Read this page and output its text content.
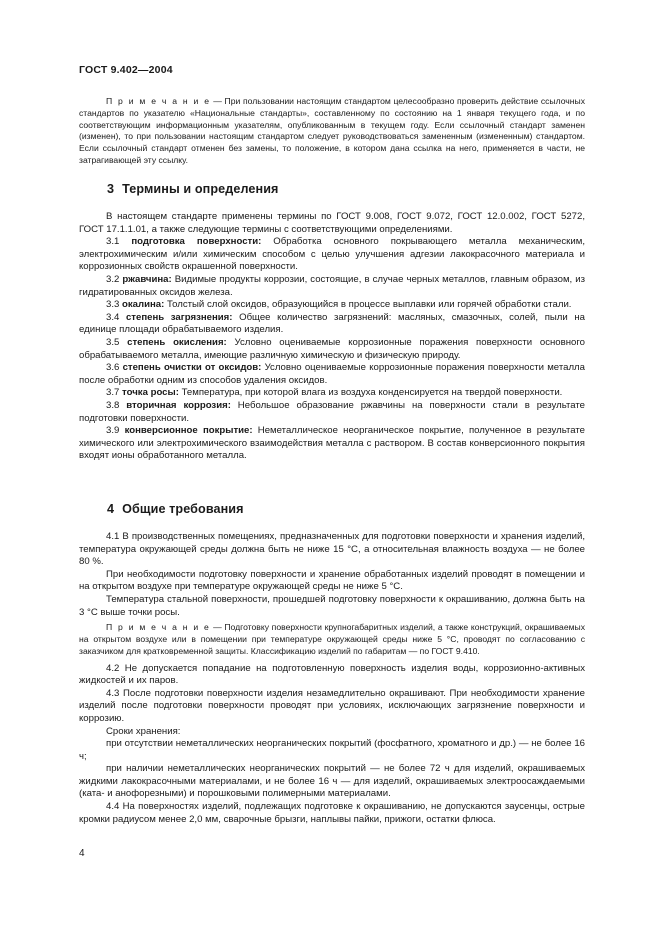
ГОСТ 9.402—2004

П р и м е ч а н и е — При пользовании настоящим стандартом целесообразно проверить действие ссылочных стандартов по указателю «Национальные стандарты», составленному по состоянию на 1 января текущего года, и по соответствующим информационным указателям, опубликованным в текущем году. Если ссылочный стандарт заменен (изменен), то при пользовании настоящим стандартом следует руководствоваться замененным (измененным) стандартом. Если ссылочный стандарт отменен без замены, то положение, в котором дана ссылка на него, применяется в части, не затрагивающей эту ссылку.

3 Термины и определения

В настоящем стандарте применены термины по ГОСТ 9.008, ГОСТ 9.072, ГОСТ 12.0.002, ГОСТ 5272, ГОСТ 17.1.1.01, а также следующие термины с соответствующими определениями.

3.1 подготовка поверхности: Обработка основного покрывающего металла механическим, электрохимическим и/или химическим способом с целью улучшения адгезии лакокрасочного материала и коррозионных свойств окрашенной поверхности.

3.2 ржавчина: Видимые продукты коррозии, состоящие, в случае черных металлов, главным образом, из гидратированных оксидов железа.

3.3 окалина: Толстый слой оксидов, образующийся в процессе выплавки или горячей обработки стали.

3.4 степень загрязнения: Общее количество загрязнений: масляных, смазочных, солей, пыли на единице площади обрабатываемого изделия.

3.5 степень окисления: Условно оцениваемые коррозионные поражения поверхности основного обрабатываемого металла, имеющие различную химическую и физическую природу.

3.6 степень очистки от оксидов: Условно оцениваемые коррозионные поражения поверхности металла после обработки одним из способов удаления оксидов.

3.7 точка росы: Температура, при которой влага из воздуха конденсируется на твердой поверхности.

3.8 вторичная коррозия: Небольшое образование ржавчины на поверхности стали в результате подготовки поверхности.

3.9 конверсионное покрытие: Неметаллическое неорганическое покрытие, полученное в результате химического или электрохимического взаимодействия металла с раствором. В состав конверсионного покрытия входят ионы обработанного металла.

4 Общие требования

4.1 В производственных помещениях, предназначенных для подготовки поверхности и хранения изделий, температура окружающей среды должна быть не ниже 15 °С, а относительная влажность воздуха — не более 80 %.

При необходимости подготовку поверхности и хранение обработанных изделий проводят в помещении и на открытом воздухе при температуре окружающей среды не ниже 5 °С.

Температура стальной поверхности, прошедшей подготовку поверхности к окрашиванию, должна быть на 3 °С выше точки росы.

П р и м е ч а н и е — Подготовку поверхности крупногабаритных изделий, а также конструкций, окрашиваемых на открытом воздухе или в помещении при температуре окружающей среды ниже 5 °С, проводят по согласованию с заказчиком для кратковременной защиты. Классификацию изделий по габаритам — по ГОСТ 9.410.

4.2 Не допускается попадание на подготовленную поверхность изделия воды, коррозионно-активных жидкостей и их паров.

4.3 После подготовки поверхности изделия незамедлительно окрашивают. При необходимости хранение изделий после подготовки поверхности проводят при условиях, исключающих загрязнение поверхности и коррозию.

Сроки хранения:

при отсутствии неметаллических неорганических покрытий (фосфатного, хроматного и др.) — не более 16 ч;

при наличии неметаллических неорганических покрытий — не более 72 ч для изделий, окрашиваемых жидкими лакокрасочными материалами, и не более 16 ч — для изделий, окрашиваемых электроосаждаемыми (ката- и анофорезными) и порошковыми полимерными материалами.

4.4 На поверхностях изделий, подлежащих подготовке к окрашиванию, не допускаются заусенцы, острые кромки радиусом менее 2,0 мм, сварочные брызги, наплывы пайки, прижоги, остатки флюса.

4
